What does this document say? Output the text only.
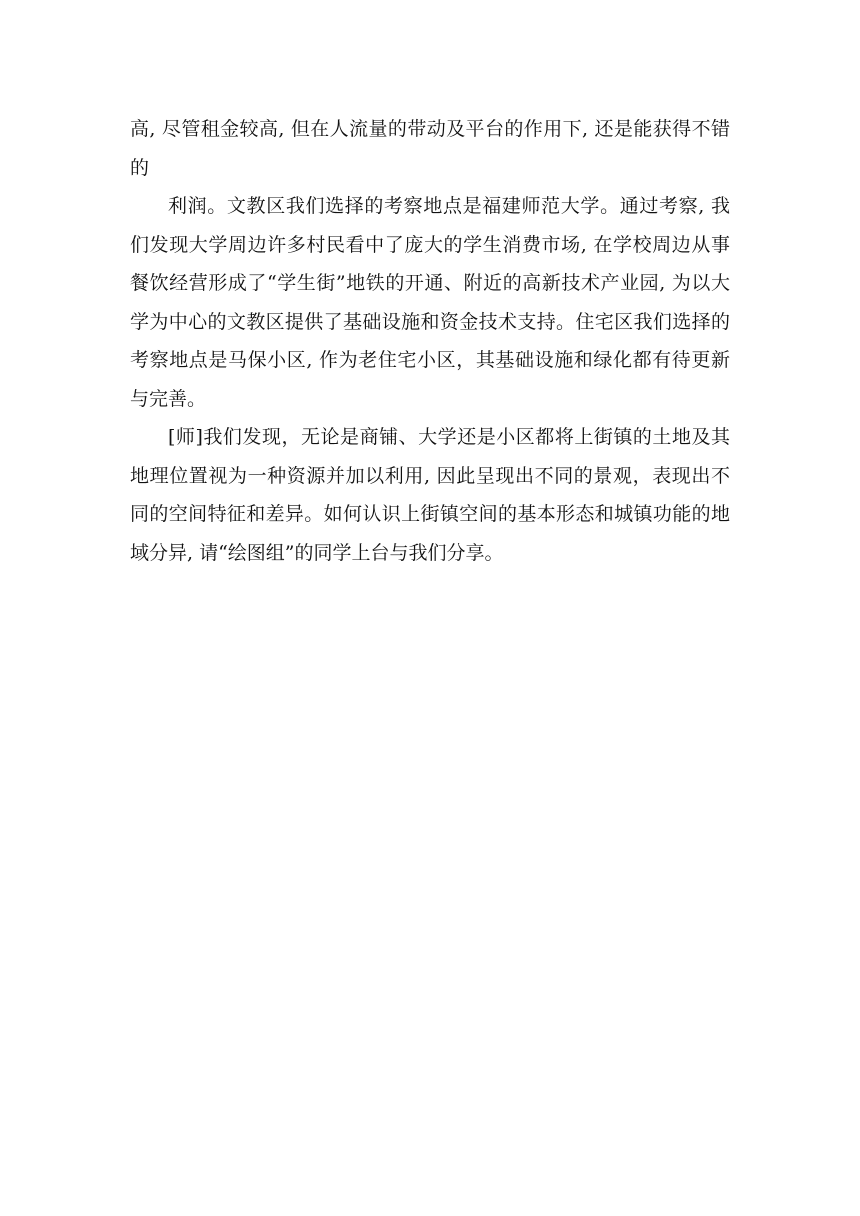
高, 尽管租金较高, 但在人流量的带动及平台的作用下, 还是能获得不错的

利润。文教区我们选择的考察地点是福建师范大学。通过考察, 我们发现大学周边许多村民看中了庞大的学生消费市场, 在学校周边从事餐饮经营形成了“学生街”地铁的开通、附近的高新技术产业园, 为以大学为中心的文教区提供了基础设施和资金技术支持。住宅区我们选择的考察地点是马保小区, 作为老住宅小区，其基础设施和绿化都有待更新与完善。

[师]我们发现，无论是商铺、大学还是小区都将上街镇的土地及其地理位置视为一种资源并加以利用, 因此呈现出不同的景观，表现出不同的空间特征和差异。如何认识上街镇空间的基本形态和城镇功能的地域分异, 请“绘图组”的同学上台与我们分享。
